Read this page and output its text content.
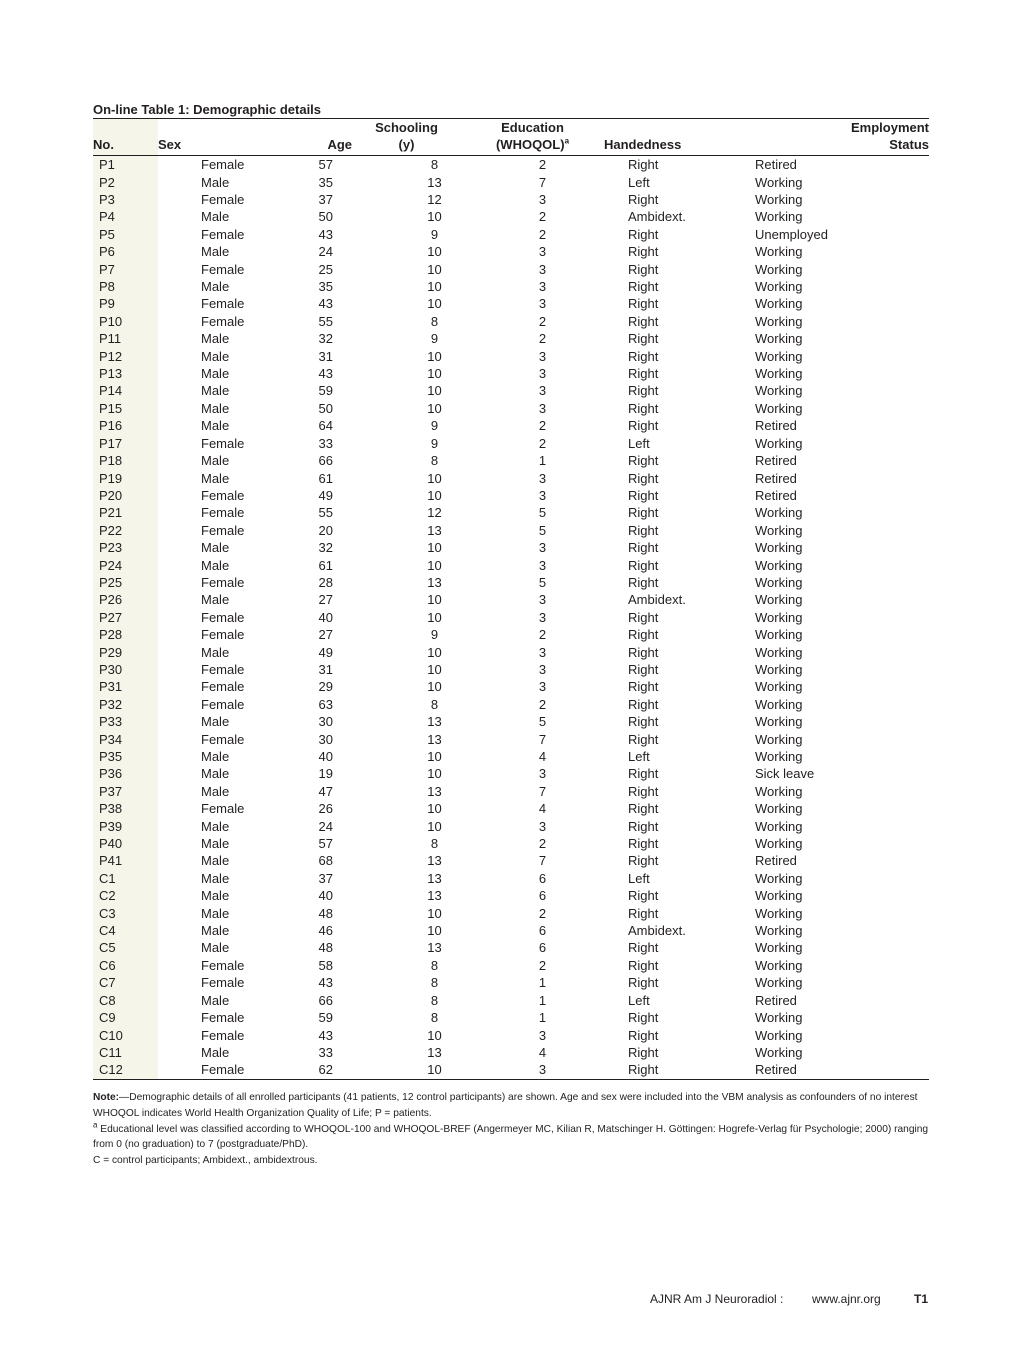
On-line Table 1: Demographic details

			Schooling	Education		Employment
No.	Sex	Age	(y)	(WHOQOL)$^a$	Handedness	Status
P1	Female	57	8	2	Right	Retired
P2	Male	35	13	7	Left	Working
P3	Female	37	12	3	Right	Working
P4	Male	50	10	2	Ambidext.	Working
P5	Female	43	9	2	Right	Unemployed
P6	Male	24	10	3	Right	Working
P7	Female	25	10	3	Right	Working
P8	Male	35	10	3	Right	Working
P9	Female	43	10	3	Right	Working
P10	Female	55	8	2	Right	Working
P11	Male	32	9	2	Right	Working
P12	Male	31	10	3	Right	Working
P13	Male	43	10	3	Right	Working
P14	Male	59	10	3	Right	Working
P15	Male	50	10	3	Right	Working
P16	Male	64	9	2	Right	Retired
P17	Female	33	9	2	Left	Working
P18	Male	66	8	1	Right	Retired
P19	Male	61	10	3	Right	Retired
P20	Female	49	10	3	Right	Retired
P21	Female	55	12	5	Right	Working
P22	Female	20	13	5	Right	Working
P23	Male	32	10	3	Right	Working
P24	Male	61	10	3	Right	Working
P25	Female	28	13	5	Right	Working
P26	Male	27	10	3	Ambidext.	Working
P27	Female	40	10	3	Right	Working
P28	Female	27	9	2	Right	Working
P29	Male	49	10	3	Right	Working
P30	Female	31	10	3	Right	Working
P31	Female	29	10	3	Right	Working
P32	Female	63	8	2	Right	Working
P33	Male	30	13	5	Right	Working
P34	Female	30	13	7	Right	Working
P35	Male	40	10	4	Left	Working
P36	Male	19	10	3	Right	Sick leave
P37	Male	47	13	7	Right	Working
P38	Female	26	10	4	Right	Working
P39	Male	24	10	3	Right	Working
P40	Male	57	8	2	Right	Working
P41	Male	68	13	7	Right	Retired
C1	Male	37	13	6	Left	Working
C2	Male	40	13	6	Right	Working
C3	Male	48	10	2	Right	Working
C4	Male	46	10	6	Ambidext.	Working
C5	Male	48	13	6	Right	Working
C6	Female	58	8	2	Right	Working
C7	Female	43	8	1	Right	Working
C8	Male	66	8	1	Left	Retired
C9	Female	59	8	1	Right	Working
C10	Female	43	10	3	Right	Working
C11	Male	33	13	4	Right	Working
C12	Female	62	10	3	Right	Retired

Note:—Demographic details of all enrolled participants (41 patients, 12 control participants) are shown. Age and sex were included into the VBM analysis as confounders of no interest

WHOQOL indicates World Health Organization Quality of Life; P = patients.

$^a$ Educational level was classified according to WHOQOL-100 and WHOQOL-BREF (Angermeyer MC, Kilian R, Matschinger H. Göttingen: Hogrefe-Verlag für Psychologie; 2000) ranging from 0 (no graduation) to 7 (postgraduate/PhD).

C = control participants; Ambidext., ambidextrous.

AJNR Am J Neuroradiol : www.ajnr.org	T1
